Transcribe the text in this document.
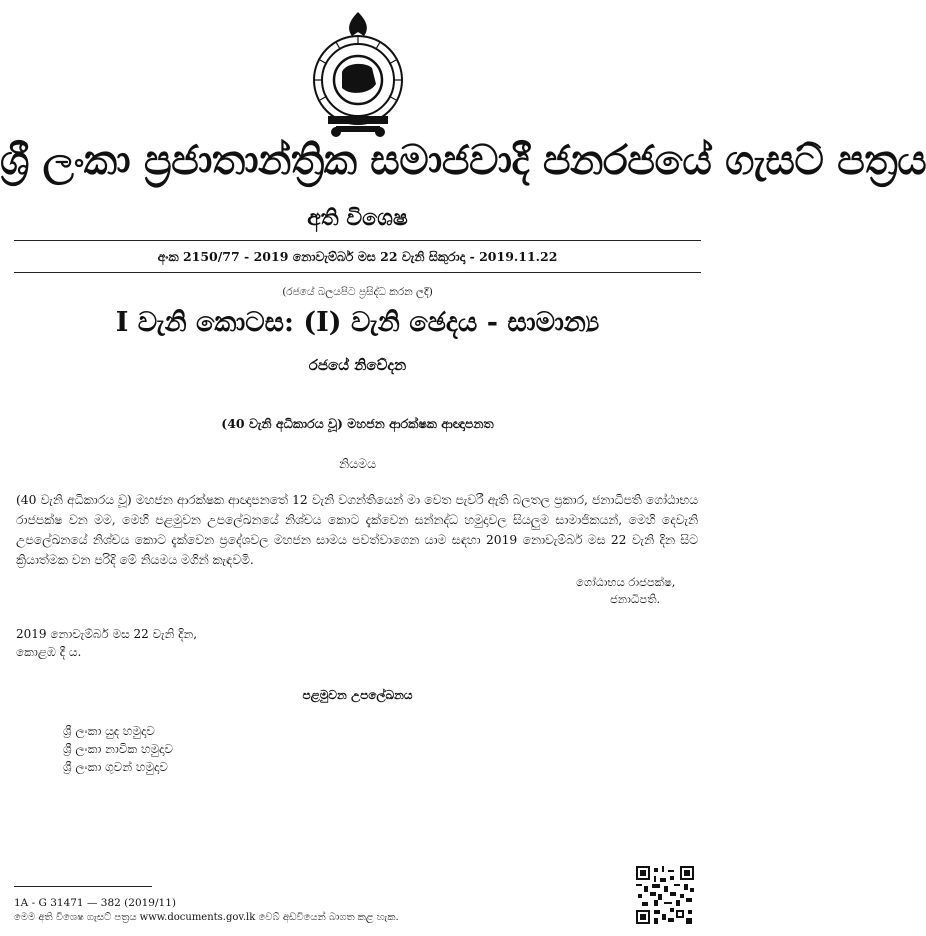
ශ්‍රී ලංකා ප්‍රජාතාන්ත්‍රික සමාජවාදී ජනරජයේ ගැසට් පත්‍රය
අති විශෙෂ
අංක 2150/77 - 2019 නොවැම්බර් මස 22 වැනි සිකුරාදා - 2019.11.22
(රජයේ බලයපිට ප්‍රසිද්ධ කරන ලදී)
I වැනි කොටස: (I) වැනි ඡෙදය - සාමාන්‍ය
රජයේ නිවේදන
(40 වැනි අධිකාරය වූ) මහජන ආරක්ෂක ආඥාපනත
නියමය
(40 වැනි අධිකාරය වූ) මහජන ආරක්ෂක ආඥාපනතේ 12 වැනි වගන්තියෙන් මා වෙත පැවරී ඇති බලතල ප්‍රකාර, ජනාධිපති ගෝඨාභය රාජපක්ෂ වන මම, මෙහි පළමුවන උපලේඛනයේ නිශ්චය කොට දැක්වෙන සන්නද්ධ හමුදාවල සියලුම සාමාජිකයන්, මෙහි දෙවැනි උපලේඛනයේ නිශ්චය කොට දැක්වෙන ප්‍රදේශවල මහජන සාමය පවත්වාගෙන යාම සඳහා 2019 නොවැම්බර් මස 22 වැනි දින සිට ක්‍රියාත්මක වන පරිදි මේ නියමය මගින් කැඳවමි.
ගෝඨාභය රාජපක්ෂ,
ජනාධිපති.
2019 නොවැම්බර් මස 22 වැනි දින,
කොළඹ දී ය.
පළමුවන උපලේඛනය
ශ්‍රී ලංකා යුද හමුදාව
ශ්‍රී ලංකා නාවික හමුදාව
ශ්‍රී ලංකා ගුවන් හමුදාව
1A - G 31471 — 382 (2019/11)
මෙම අති විශෙෂ ගැසට් පත්‍රය www.documents.gov.lk වෙබ් අඩවියෙන් බාගත කළ හැක.
